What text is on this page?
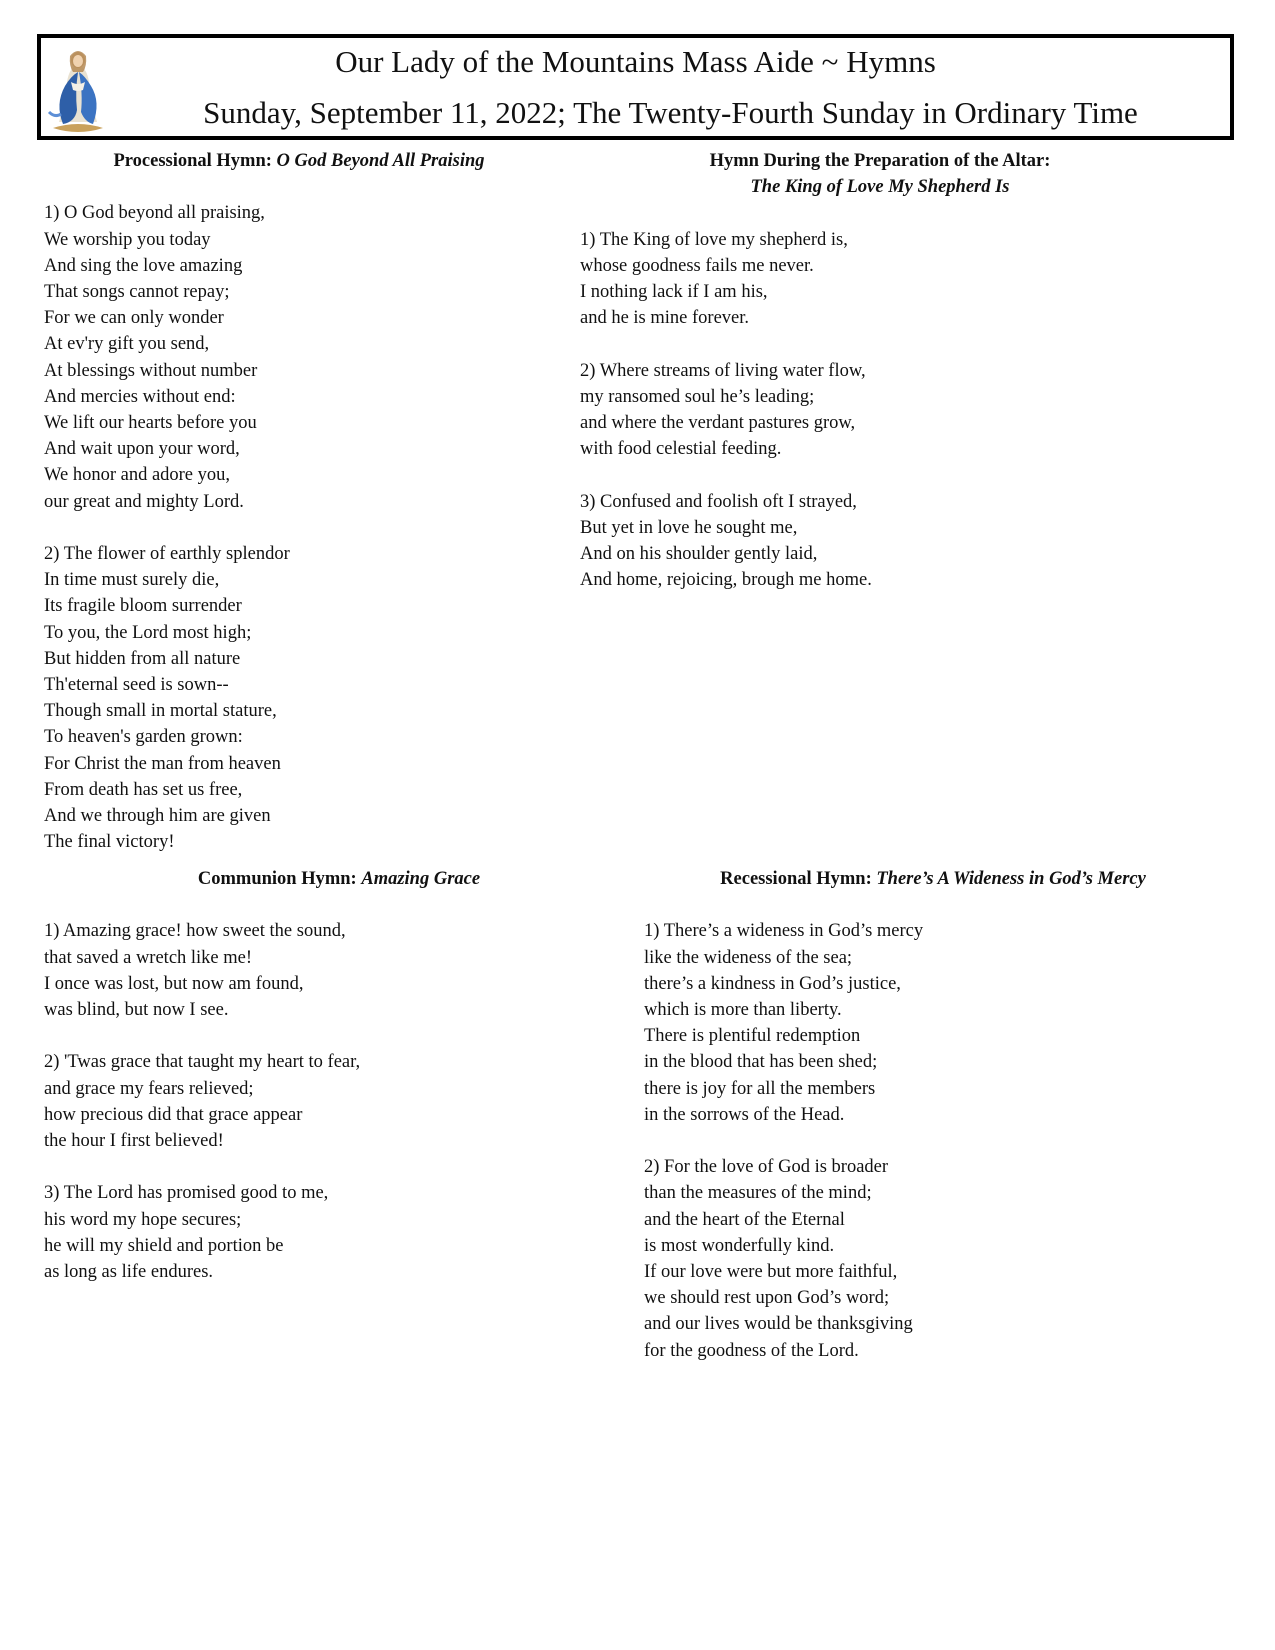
Our Lady of the Mountains Mass Aide ~ Hymns
Sunday, September 11, 2022; The Twenty-Fourth Sunday in Ordinary Time
Processional Hymn: O God Beyond All Praising
1) O God beyond all praising,
We worship you today
And sing the love amazing
That songs cannot repay;
For we can only wonder
At ev'ry gift you send,
At blessings without number
And mercies without end:
We lift our hearts before you
And wait upon your word,
We honor and adore you,
our great and mighty Lord.
2) The flower of earthly splendor
In time must surely die,
Its fragile bloom surrender
To you, the Lord most high;
But hidden from all nature
Th'eternal seed is sown--
Though small in mortal stature,
To heaven's garden grown:
For Christ the man from heaven
From death has set us free,
And we through him are given
The final victory!
Hymn During the Preparation of the Altar:
The King of Love My Shepherd Is
1) The King of love my shepherd is,
whose goodness fails me never.
I nothing lack if I am his,
and he is mine forever.
2) Where streams of living water flow,
my ransomed soul he’s leading;
and where the verdant pastures grow,
with food celestial feeding.
3) Confused and foolish oft I strayed,
But yet in love he sought me,
And on his shoulder gently laid,
And home, rejoicing, brough me home.
Communion Hymn: Amazing Grace
1) Amazing grace! how sweet the sound,
that saved a wretch like me!
I once was lost, but now am found,
was blind, but now I see.
2) 'Twas grace that taught my heart to fear,
and grace my fears relieved;
how precious did that grace appear
the hour I first believed!
3) The Lord has promised good to me,
his word my hope secures;
he will my shield and portion be
as long as life endures.
Recessional Hymn: There’s A Wideness in God’s Mercy
1) There’s a wideness in God’s mercy
like the wideness of the sea;
there’s a kindness in God’s justice,
which is more than liberty.
There is plentiful redemption
in the blood that has been shed;
there is joy for all the members
in the sorrows of the Head.
2) For the love of God is broader
than the measures of the mind;
and the heart of the Eternal
is most wonderfully kind.
If our love were but more faithful,
we should rest upon God’s word;
and our lives would be thanksgiving
for the goodness of the Lord.
